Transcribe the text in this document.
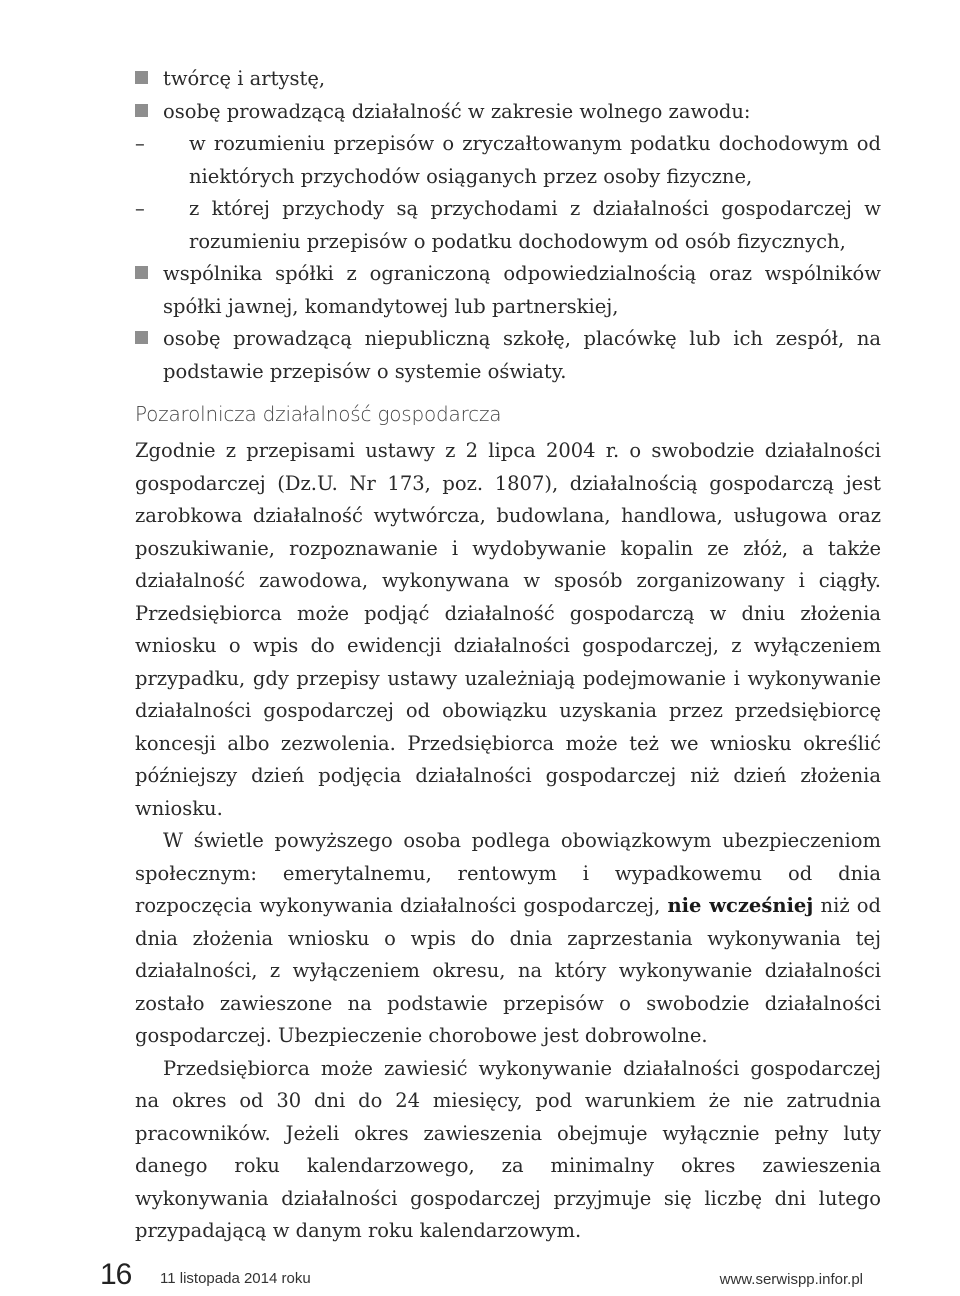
twórcę i artystę,
osobę prowadzącą działalność w zakresie wolnego zawodu:
–	w rozumieniu przepisów o zryczałtowanym podatku dochodowym od niektórych przychodów osiąganych przez osoby fizyczne,

–	z której przychody są przychodami z działalności gospodarczej w rozumieniu przepisów o podatku dochodowym od osób fizycznych,

wspólnika spółki z ograniczoną odpowiedzialnością oraz wspólników spółki jawnej, komandytowej lub partnerskiej,

osobę prowadzącą niepubliczną szkołę, placówkę lub ich zespół, na podstawie przepisów o systemie oświaty.

Pozarolnicza działalność gospodarcza

Zgodnie z przepisami ustawy z 2 lipca 2004 r. o swobodzie działalności gospodarczej (Dz.U. Nr 173, poz. 1807), działalnością gospodarczą jest zarobkowa działalność wytwórcza, budowlana, handlowa, usługowa oraz poszukiwanie, rozpoznawanie i wydobywanie kopalin ze złóż, a także działalność zawodowa, wykonywana w sposób zorganizowany i ciągły. Przedsiębiorca może podjąć działalność gospodarczą w dniu złożenia wniosku o wpis do ewidencji działalności gospodarczej, z wyłączeniem przypadku, gdy przepisy ustawy uzależniają podejmowanie i wykonywanie działalności gospodarczej od obowiązku uzyskania przez przedsiębiorcę koncesji albo zezwolenia. Przedsiębiorca może też we wniosku określić późniejszy dzień podjęcia działalności gospodarczej niż dzień złożenia wniosku.

W świetle powyższego osoba podlega obowiązkowym ubezpieczeniom społecznym: emerytalnemu, rentowym i wypadkowemu od dnia rozpoczęcia wykonywania działalności gospodarczej, nie wcześniej niż od dnia złożenia wniosku o wpis do dnia zaprzestania wykonywania tej działalności, z wyłączeniem okresu, na który wykonywanie działalności zostało zawieszone na podstawie przepisów o swobodzie działalności gospodarczej. Ubezpieczenie chorobowe jest dobrowolne.

Przedsiębiorca może zawiesić wykonywanie działalności gospodarczej na okres od 30 dni do 24 miesięcy, pod warunkiem że nie zatrudnia pracowników. Jeżeli okres zawieszenia obejmuje wyłącznie pełny luty danego roku kalendarzowego, za minimalny okres zawieszenia wykonywania działalności gospodarczej przyjmuje się liczbę dni lutego przypadającą w danym roku kalendarzowym.

16 11 listopada 2014 roku	www.serwispp.infor.pl
